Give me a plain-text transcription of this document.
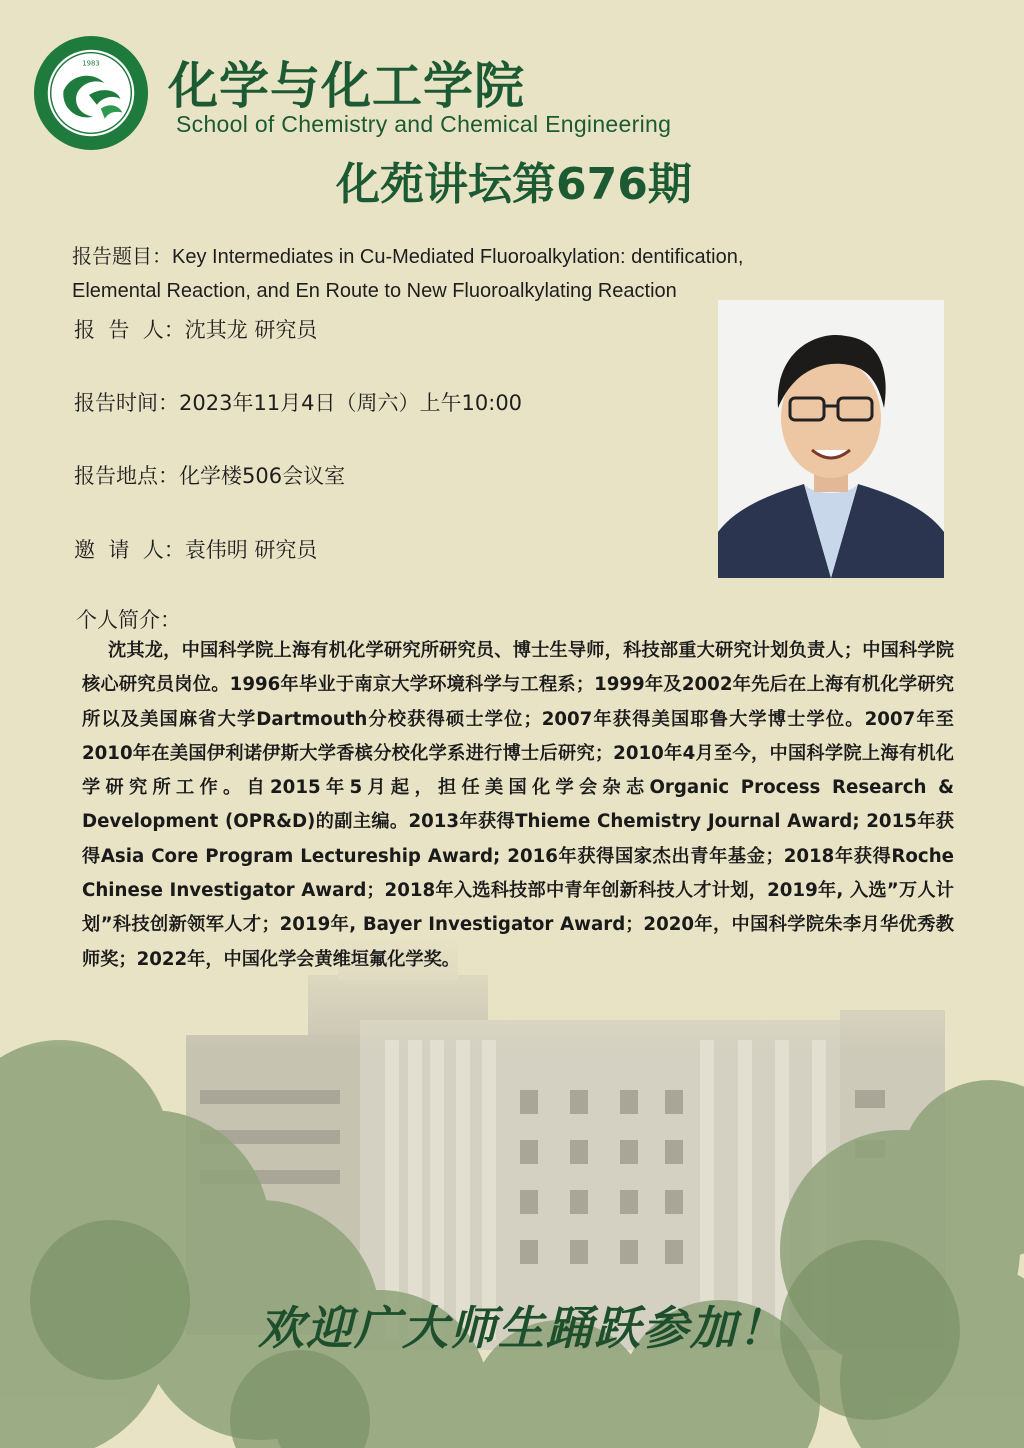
1983 化学与化工学院
School of Chemistry and Chemical Engineering
化苑讲坛第676期
报告题目：Key Intermediates in Cu-Mediated Fluoroalkylation: dentification,
Elemental Reaction, and En Route to New Fluoroalkylating Reaction
报  告  人：沈其龙 研究员
报告时间：2023年11月4日（周六）上午10:00
报告地点：化学楼506会议室
邀  请  人：袁伟明 研究员
个人简介：
沈其龙，中国科学院上海有机化学研究所研究员、博士生导师，科技部重大研究计划负责人；中国科学院核心研究员岗位。1996年毕业于南京大学环境科学与工程系；1999年及2002年先后在上海有机化学研究所以及美国麻省大学Dartmouth分校获得硕士学位；2007年获得美国耶鲁大学博士学位。2007年至2010年在美国伊利诺伊斯大学香槟分校化学系进行博士后研究；2010年4月至今，中国科学院上海有机化学研究所工作。自2015年5月起，担任美国化学会杂志Organic Process Research & Development (OPR&D)的副主编。2013年获得Thieme Chemistry Journal Award; 2015年获得Asia Core Program Lectureship Award; 2016年获得国家杰出青年基金；2018年获得Roche Chinese Investigator Award；2018年入选科技部中青年创新科技人才计划，2019年, 入选”万人计划”科技创新领军人才；2019年, Bayer Investigator Award；2020年，中国科学院朱李月华优秀教师奖；2022年，中国化学会黄维垣氟化学奖。
欢迎广大师生踊跃参加！
